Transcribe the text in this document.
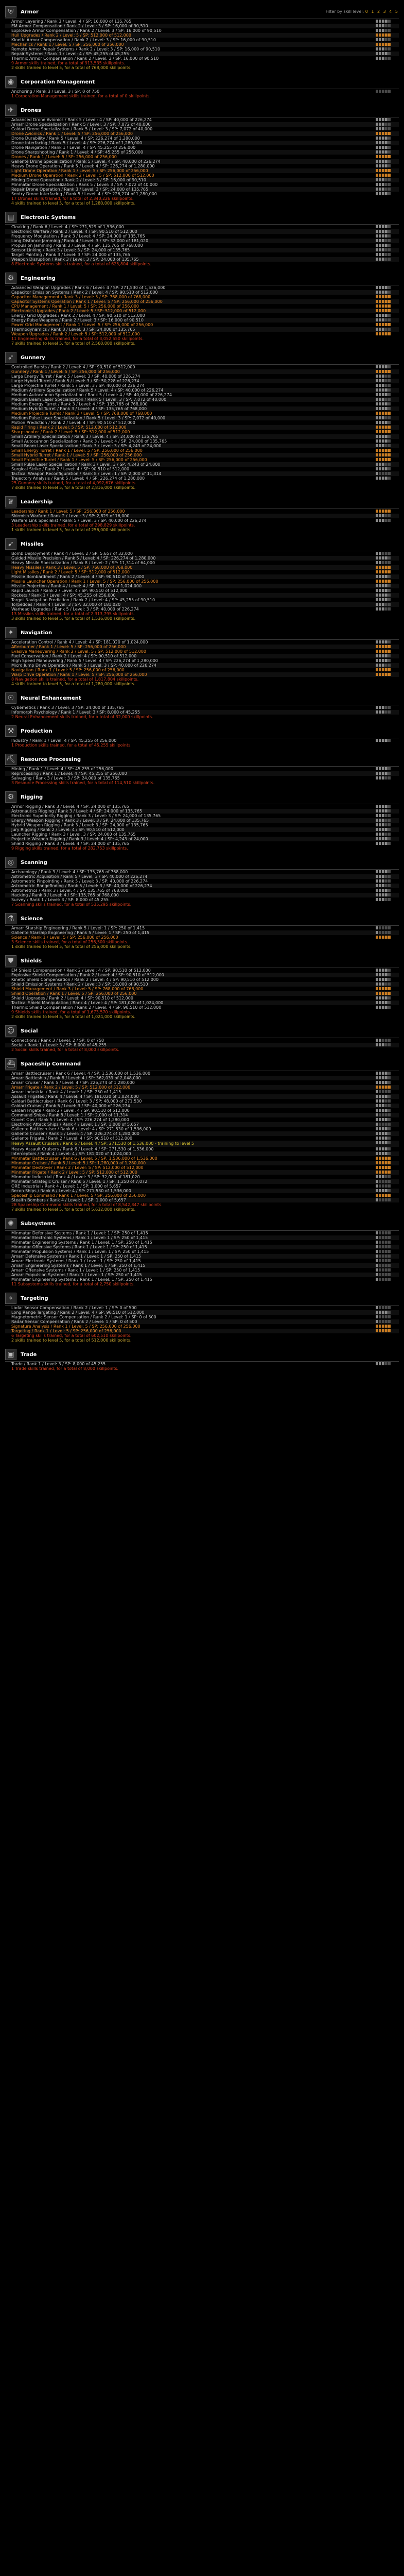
⛨	Armor	Filter by skill level: 0 1 2 3 4 5
Armor Layering / Rank 3 / Level: 4 / SP: 16,000 of 135,765
EM Armor Compensation / Rank 2 / Level: 3 / SP: 16,000 of 90,510
Explosive Armor Compensation / Rank 2 / Level: 3 / SP: 16,000 of 90,510
Hull Upgrades / Rank 2 / Level: 5 / SP: 512,000 of 512,000
Kinetic Armor Compensation / Rank 2 / Level: 3 / SP: 16,000 of 90,510
Mechanics / Rank 1 / Level: 5 / SP: 256,000 of 256,000
Remote Armor Repair Systems / Rank 2 / Level: 3 / SP: 16,000 of 90,510
Repair Systems / Rank 1 / Level: 4 / SP: 45,255 of 45,255
Thermic Armor Compensation / Rank 2 / Level: 3 / SP: 16,000 of 90,510
9 Armor skills trained, for a total of 913,535 skillpoints.
2 skills trained to level 5, for a total of 768,000 skillpoints.
◉	Corporation Management
Anchoring / Rank 3 / Level: 3 / SP: 0 of 750
1 Corporation Management skills trained, for a total of 0 skillpoints.
✈	Drones
Advanced Drone Avionics / Rank 5 / Level: 4 / SP: 40,000 of 226,274
Amarr Drone Specialization / Rank 5 / Level: 3 / SP: 7,072 of 40,000
Caldari Drone Specialization / Rank 5 / Level: 3 / SP: 7,072 of 40,000
Drone Avionics / Rank 1 / Level: 5 / SP: 256,000 of 256,000
Drone Durability / Rank 5 / Level: 4 / SP: 226,274 of 1,280,000
Drone Interfacing / Rank 5 / Level: 4 / SP: 226,274 of 1,280,000
Drone Navigation / Rank 1 / Level: 4 / SP: 45,255 of 256,000
Drone Sharpshooting / Rank 1 / Level: 4 / SP: 45,255 of 256,000
Drones / Rank 1 / Level: 5 / SP: 256,000 of 256,000
Gallente Drone Specialization / Rank 5 / Level: 4 / SP: 40,000 of 226,274
Heavy Drone Operation / Rank 5 / Level: 4 / SP: 226,274 of 1,280,000
Light Drone Operation / Rank 1 / Level: 5 / SP: 256,000 of 256,000
Medium Drone Operation / Rank 2 / Level: 5 / SP: 512,000 of 512,000
Mining Drone Operation / Rank 2 / Level: 3 / SP: 16,000 of 90,510
Minmatar Drone Specialization / Rank 5 / Level: 3 / SP: 7,072 of 40,000
Repair Drone Operation / Rank 3 / Level: 3 / SP: 24,000 of 135,765
Sentry Drone Interfacing / Rank 5 / Level: 4 / SP: 226,274 of 1,280,000
17 Drones skills trained, for a total of 2,340,226 skillpoints.
4 skills trained to level 5, for a total of 1,280,000 skillpoints.
▤	Electronic Systems
Cloaking / Rank 6 / Level: 4 / SP: 271,529 of 1,536,000
Electronic Warfare / Rank 2 / Level: 4 / SP: 90,510 of 512,000
Frequency Modulation / Rank 3 / Level: 4 / SP: 24,000 of 135,765
Long Distance Jamming / Rank 4 / Level: 3 / SP: 32,000 of 181,020
Propulsion Jamming / Rank 3 / Level: 4 / SP: 135,765 of 768,000
Sensor Linking / Rank 3 / Level: 3 / SP: 24,000 of 135,765
Target Painting / Rank 3 / Level: 3 / SP: 24,000 of 135,765
Weapon Disruption / Rank 3 / Level: 3 / SP: 24,000 of 135,765
8 Electronic Systems skills trained, for a total of 625,804 skillpoints.
⚙	Engineering
Advanced Weapon Upgrades / Rank 6 / Level: 4 / SP: 271,530 of 1,536,000
Capacitor Emission Systems / Rank 2 / Level: 4 / SP: 90,510 of 512,000
Capacitor Management / Rank 3 / Level: 5 / SP: 768,000 of 768,000
Capacitor Systems Operation / Rank 1 / Level: 5 / SP: 256,000 of 256,000
CPU Management / Rank 1 / Level: 5 / SP: 256,000 of 256,000
Electronics Upgrades / Rank 2 / Level: 5 / SP: 512,000 of 512,000
Energy Grid Upgrades / Rank 2 / Level: 4 / SP: 90,510 of 512,000
Energy Pulse Weapons / Rank 2 / Level: 3 / SP: 16,000 of 90,510
Power Grid Management / Rank 1 / Level: 5 / SP: 256,000 of 256,000
Thermodynamics / Rank 3 / Level: 3 / SP: 24,000 of 135,765
Weapon Upgrades / Rank 2 / Level: 5 / SP: 512,000 of 512,000
11 Engineering skills trained, for a total of 3,052,550 skillpoints.
7 skills trained to level 5, for a total of 2,560,000 skillpoints.
➶	Gunnery
Controlled Bursts / Rank 2 / Level: 4 / SP: 90,510 of 512,000
Gunnery / Rank 1 / Level: 5 / SP: 256,000 of 256,000
Large Energy Turret / Rank 5 / Level: 3 / SP: 40,000 of 226,274
Large Hybrid Turret / Rank 5 / Level: 3 / SP: 50,228 of 226,274
Large Projectile Turret / Rank 5 / Level: 3 / SP: 40,000 of 226,274
Medium Artillery Specialization / Rank 5 / Level: 4 / SP: 40,000 of 226,274
Medium Autocannon Specialization / Rank 5 / Level: 4 / SP: 40,000 of 226,274
Medium Beam Laser Specialization / Rank 5 / Level: 3 / SP: 7,072 of 40,000
Medium Energy Turret / Rank 3 / Level: 4 / SP: 135,765 of 768,000
Medium Hybrid Turret / Rank 3 / Level: 4 / SP: 135,765 of 768,000
Medium Projectile Turret / Rank 3 / Level: 5 / SP: 768,000 of 768,000
Medium Pulse Laser Specialization / Rank 5 / Level: 3 / SP: 7,072 of 40,000
Motion Prediction / Rank 2 / Level: 4 / SP: 90,510 of 512,000
Rapid Firing / Rank 2 / Level: 5 / SP: 512,000 of 512,000
Sharpshooter / Rank 2 / Level: 5 / SP: 512,000 of 512,000
Small Artillery Specialization / Rank 3 / Level: 4 / SP: 24,000 of 135,765
Small Autocannon Specialization / Rank 3 / Level: 4 / SP: 24,000 of 135,765
Small Beam Laser Specialization / Rank 3 / Level: 3 / SP: 4,243 of 24,000
Small Energy Turret / Rank 1 / Level: 5 / SP: 256,000 of 256,000
Small Hybrid Turret / Rank 1 / Level: 5 / SP: 256,000 of 256,000
Small Projectile Turret / Rank 1 / Level: 5 / SP: 256,000 of 256,000
Small Pulse Laser Specialization / Rank 3 / Level: 3 / SP: 4,243 of 24,000
Surgical Strike / Rank 2 / Level: 4 / SP: 90,510 of 512,000
Tactical Weapon Reconfiguration / Rank 8 / Level: 1 / SP: 2,000 of 11,314
Trajectory Analysis / Rank 5 / Level: 4 / SP: 226,274 of 1,280,000
25 Gunnery skills trained, for a total of 4,092,676 skillpoints.
7 skills trained to level 5, for a total of 2,816,000 skillpoints.
♛	Leadership
Leadership / Rank 1 / Level: 5 / SP: 256,000 of 256,000
Skirmish Warfare / Rank 2 / Level: 3 / SP: 2,829 of 16,000
Warfare Link Specialist / Rank 5 / Level: 3 / SP: 40,000 of 226,274
3 Leadership skills trained, for a total of 298,829 skillpoints.
1 skills trained to level 5, for a total of 256,000 skillpoints.
➹	Missiles
Bomb Deployment / Rank 4 / Level: 2 / SP: 5,657 of 32,000
Guided Missile Precision / Rank 5 / Level: 4 / SP: 226,274 of 1,280,000
Heavy Missile Specialization / Rank 8 / Level: 2 / SP: 11,314 of 64,000
Heavy Missiles / Rank 3 / Level: 5 / SP: 768,000 of 768,000
Light Missiles / Rank 2 / Level: 5 / SP: 512,000 of 512,000
Missile Bombardment / Rank 2 / Level: 4 / SP: 90,510 of 512,000
Missile Launcher Operation / Rank 1 / Level: 5 / SP: 256,000 of 256,000
Missile Projection / Rank 4 / Level: 4 / SP: 181,020 of 1,024,000
Rapid Launch / Rank 2 / Level: 4 / SP: 90,510 of 512,000
Rockets / Rank 1 / Level: 4 / SP: 45,255 of 256,000
Target Navigation Prediction / Rank 2 / Level: 4 / SP: 45,255 of 90,510
Torpedoes / Rank 4 / Level: 3 / SP: 32,000 of 181,020
Warhead Upgrades / Rank 5 / Level: 3 / SP: 40,000 of 226,274
13 Missiles skills trained, for a total of 2,313,795 skillpoints.
3 skills trained to level 5, for a total of 1,536,000 skillpoints.
✦	Navigation
Acceleration Control / Rank 4 / Level: 4 / SP: 181,020 of 1,024,000
Afterburner / Rank 1 / Level: 5 / SP: 256,000 of 256,000
Evasive Maneuvering / Rank 2 / Level: 5 / SP: 512,000 of 512,000
Fuel Conservation / Rank 2 / Level: 4 / SP: 90,510 of 512,000
High Speed Maneuvering / Rank 5 / Level: 4 / SP: 226,274 of 1,280,000
Micro Jump Drive Operation / Rank 5 / Level: 3 / SP: 40,000 of 226,274
Navigation / Rank 1 / Level: 5 / SP: 256,000 of 256,000
Warp Drive Operation / Rank 1 / Level: 5 / SP: 256,000 of 256,000
8 Navigation skills trained, for a total of 1,817,804 skillpoints.
4 skills trained to level 5, for a total of 1,280,000 skillpoints.
☉	Neural Enhancement
Cybernetics / Rank 3 / Level: 3 / SP: 24,000 of 135,765
Infomorph Psychology / Rank 1 / Level: 3 / SP: 8,000 of 45,255
2 Neural Enhancement skills trained, for a total of 32,000 skillpoints.
⚒	Production
Industry / Rank 1 / Level: 4 / SP: 45,255 of 256,000
1 Production skills trained, for a total of 45,255 skillpoints.
⛏ Resource Processing
Mining / Rank 1 / Level: 4 / SP: 45,255 of 256,000
Reprocessing / Rank 1 / Level: 4 / SP: 45,255 of 256,000
Salvaging / Rank 3 / Level: 3 / SP: 24,000 of 135,765
3 Resource Processing skills trained, for a total of 114,510 skillpoints.
⚙	Rigging
Armor Rigging / Rank 3 / Level: 4 / SP: 24,000 of 135,765
Astronautics Rigging / Rank 3 / Level: 4 / SP: 24,000 of 135,765
Electronic Superiority Rigging / Rank 3 / Level: 3 / SP: 24,000 of 135,765
Energy Weapon Rigging / Rank 3 / Level: 3 / SP: 24,000 of 135,765
Hybrid Weapon Rigging / Rank 3 / Level: 3 / SP: 24,000 of 135,765
Jury Rigging / Rank 2 / Level: 4 / SP: 90,510 of 512,000
Launcher Rigging / Rank 3 / Level: 3 / SP: 24,000 of 135,765
Projectile Weapon Rigging / Rank 3 / Level: 4 / SP: 4,243 of 24,000
Shield Rigging / Rank 3 / Level: 4 / SP: 24,000 of 135,765
9 Rigging skills trained, for a total of 282,753 skillpoints.
◎	Scanning
Archaeology / Rank 3 / Level: 4 / SP: 135,765 of 768,000
Astrometric Acquisition / Rank 5 / Level: 3 / SP: 40,000 of 226,274
Astrometric Pinpointing / Rank 5 / Level: 3 / SP: 40,000 of 226,274
Astrometric Rangefinding / Rank 5 / Level: 3 / SP: 40,000 of 226,274
Astrometrics / Rank 3 / Level: 4 / SP: 135,765 of 768,000
Hacking / Rank 3 / Level: 4 / SP: 135,765 of 768,000
Survey / Rank 1 / Level: 3 / SP: 8,000 of 45,255
7 Scanning skills trained, for a total of 535,295 skillpoints.
⚗	Science
Amarr Starship Engineering / Rank 5 / Level: 1 / SP: 250 of 1,415
Gallente Starship Engineering / Rank 5 / Level: 1 / SP: 250 of 1,415
Science / Rank 1 / Level: 5 / SP: 256,000 of 256,000
3 Science skills trained, for a total of 256,500 skillpoints.
1 skills trained to level 5, for a total of 256,000 skillpoints.
⛊	Shields
EM Shield Compensation / Rank 2 / Level: 4 / SP: 90,510 of 512,000
Explosive Shield Compensation / Rank 2 / Level: 4 / SP: 90,510 of 512,000
Kinetic Shield Compensation / Rank 2 / Level: 4 / SP: 90,510 of 512,000
Shield Emission Systems / Rank 2 / Level: 3 / SP: 16,000 of 90,510
Shield Management / Rank 3 / Level: 5 / SP: 768,000 of 768,000
Shield Operation / Rank 1 / Level: 5 / SP: 256,000 of 256,000
Shield Upgrades / Rank 2 / Level: 4 / SP: 90,510 of 512,000
Tactical Shield Manipulation / Rank 4 / Level: 4 / SP: 181,020 of 1,024,000
Thermic Shield Compensation / Rank 2 / Level: 4 / SP: 90,510 of 512,000
9 Shields skills trained, for a total of 1,673,570 skillpoints.
2 skills trained to level 5, for a total of 1,024,000 skillpoints.
☺	Social
Connections / Rank 3 / Level: 2 / SP: 0 of 750
Social / Rank 1 / Level: 3 / SP: 8,000 of 45,255
2 Social skills trained, for a total of 8,000 skillpoints.
⛴ Spaceship Command
Amarr Battlecruiser / Rank 6 / Level: 4 / SP: 1,536,000 of 1,536,000
Amarr Battleship / Rank 8 / Level: 4 / SP: 362,039 of 2,048,000
Amarr Cruiser / Rank 5 / Level: 4 / SP: 226,274 of 1,280,000
Amarr Frigate / Rank 2 / Level: 5 / SP: 512,000 of 512,000
Amarr Industrial / Rank 4 / Level: 1 / SP: 250 of 1,415
Assault Frigates / Rank 4 / Level: 4 / SP: 181,020 of 1,024,000
Caldari Battlecruiser / Rank 6 / Level: 3 / SP: 48,000 of 271,530
Caldari Cruiser / Rank 5 / Level: 3 / SP: 40,000 of 226,274
Caldari Frigate / Rank 2 / Level: 4 / SP: 90,510 of 512,000
Command Ships / Rank 8 / Level: 1 / SP: 2,000 of 11,314
Covert Ops / Rank 5 / Level: 4 / SP: 226,274 of 1,280,000
Electronic Attack Ships / Rank 4 / Level: 1 / SP: 1,000 of 5,657
Gallente Battlecruiser / Rank 6 / Level: 4 / SP: 271,530 of 1,536,000
Gallente Cruiser / Rank 5 / Level: 4 / SP: 226,274 of 1,280,000
Gallente Frigate / Rank 2 / Level: 4 / SP: 90,510 of 512,000
Heavy Assault Cruisers / Rank 6 / Level: 4 / SP: 271,530 of 1,536,000 - training to level 5
Heavy Assault Cruisers / Rank 6 / Level: 4 / SP: 271,530 of 1,536,000
Interceptors / Rank 4 / Level: 4 / SP: 181,020 of 1,024,000
Minmatar Battlecruiser / Rank 6 / Level: 5 / SP: 1,536,000 of 1,536,000
Minmatar Cruiser / Rank 5 / Level: 5 / SP: 1,280,000 of 1,280,000
Minmatar Destroyer / Rank 2 / Level: 5 / SP: 512,000 of 512,000
Minmatar Frigate / Rank 2 / Level: 5 / SP: 512,000 of 512,000
Minmatar Industrial / Rank 4 / Level: 3 / SP: 32,000 of 181,020
Minmatar Strategic Cruiser / Rank 5 / Level: 1 / SP: 1,250 of 7,072
ORE Industrial / Rank 4 / Level: 1 / SP: 1,000 of 5,657
Recon Ships / Rank 6 / Level: 4 / SP: 271,530 of 1,536,000
Spaceship Command / Rank 1 / Level: 5 / SP: 256,000 of 256,000
Stealth Bombers / Rank 4 / Level: 1 / SP: 1,000 of 5,657
28 Spaceship Command skills trained, for a total of 8,542,847 skillpoints.
7 skills trained to level 5, for a total of 5,632,000 skillpoints.
✺	Subsystems
Minmatar Defensive Systems / Rank 1 / Level: 1 / SP: 250 of 1,415
Minmatar Electronic Systems / Rank 1 / Level: 1 / SP: 250 of 1,415
Minmatar Engineering Systems / Rank 1 / Level: 1 / SP: 250 of 1,415
Minmatar Offensive Systems / Rank 1 / Level: 1 / SP: 250 of 1,415
Minmatar Propulsion Systems / Rank 1 / Level: 1 / SP: 250 of 1,415
Amarr Defensive Systems / Rank 1 / Level: 1 / SP: 250 of 1,415
Amarr Electronic Systems / Rank 1 / Level: 1 / SP: 250 of 1,415
Amarr Engineering Systems / Rank 1 / Level: 1 / SP: 250 of 1,415
Amarr Offensive Systems / Rank 1 / Level: 1 / SP: 250 of 1,415
Amarr Propulsion Systems / Rank 1 / Level: 1 / SP: 250 of 1,415
Minmatar Engineering Systems / Rank 1 / Level: 1 / SP: 250 of 1,415
11 Subsystems skills trained, for a total of 2,750 skillpoints.
⌖	Targeting
Ladar Sensor Compensation / Rank 2 / Level: 1 / SP: 0 of 500
Long Range Targeting / Rank 2 / Level: 4 / SP: 90,510 of 512,000
Magnetometric Sensor Compensation / Rank 2 / Level: 1 / SP: 0 of 500
Radar Sensor Compensation / Rank 2 / Level: 1 / SP: 0 of 500
Signature Analysis / Rank 1 / Level: 5 / SP: 256,000 of 256,000
Targeting / Rank 1 / Level: 5 / SP: 256,000 of 256,000
6 Targeting skills trained, for a total of 602,510 skillpoints.
2 skills trained to level 5, for a total of 512,000 skillpoints.
▣	Trade
Trade / Rank 1 / Level: 3 / SP: 8,000 of 45,255
1 Trade skills trained, for a total of 8,000 skillpoints.
